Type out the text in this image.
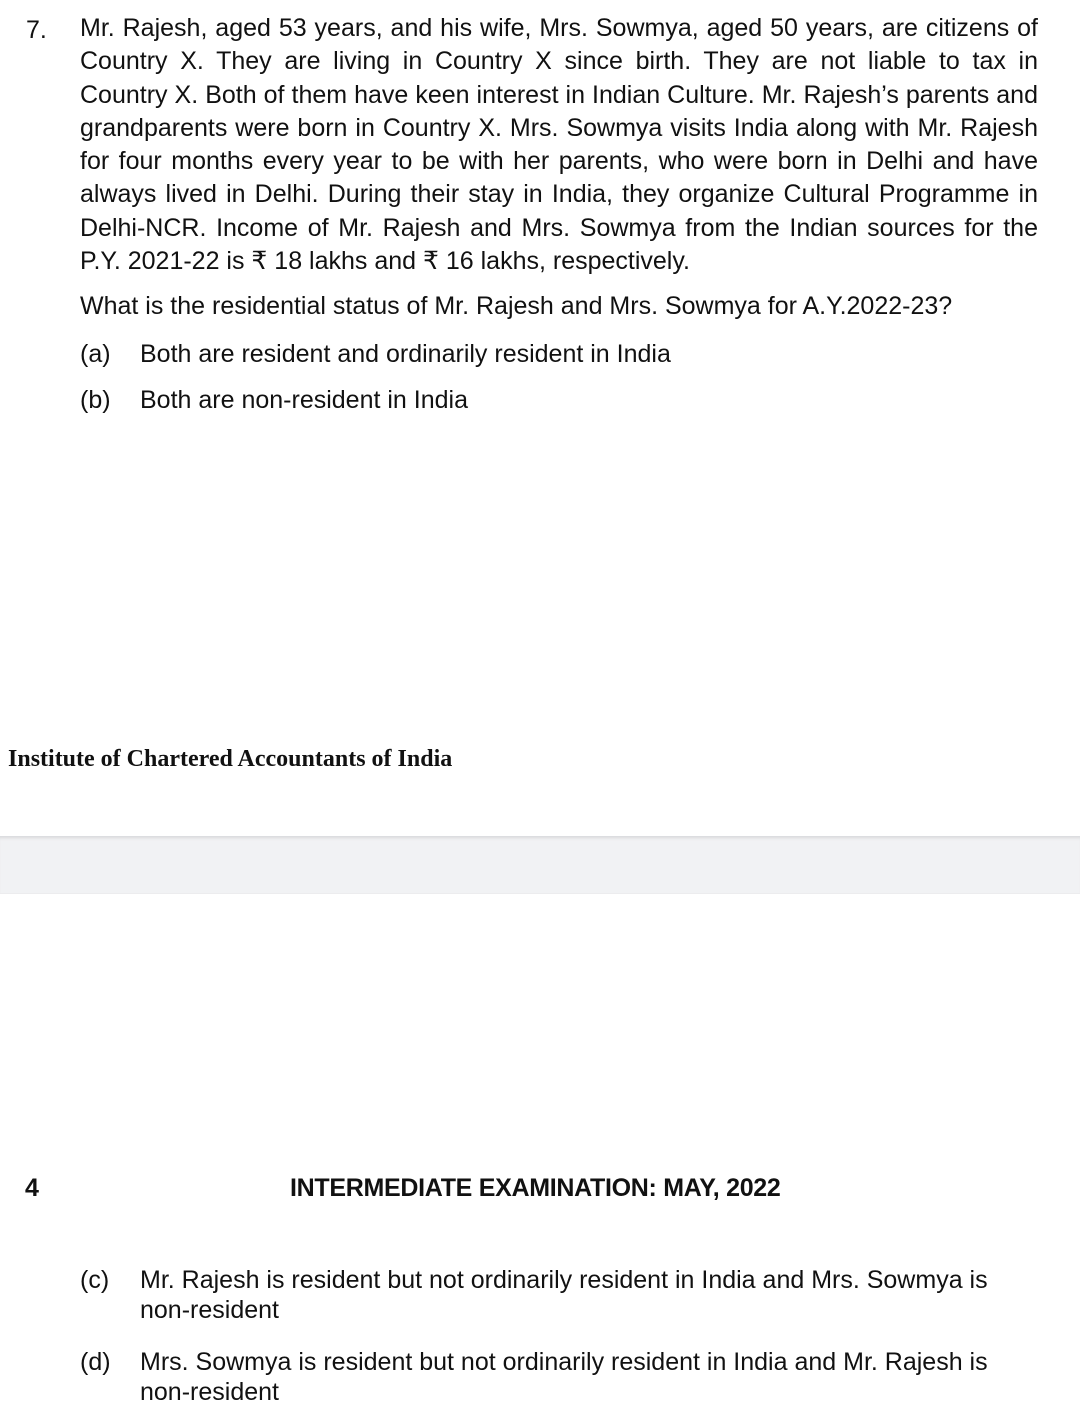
7. Mr. Rajesh, aged 53 years, and his wife, Mrs. Sowmya, aged 50 years, are citizens of Country X. They are living in Country X since birth. They are not liable to tax in Country X. Both of them have keen interest in Indian Culture. Mr. Rajesh’s parents and grandparents were born in Country X. Mrs. Sowmya visits India along with Mr. Rajesh for four months every year to be with her parents, who were born in Delhi and have always lived in Delhi. During their stay in India, they organize Cultural Programme in Delhi-NCR. Income of Mr. Rajesh and Mrs. Sowmya from the Indian sources for the P.Y. 2021-22 is ₹ 18 lakhs and ₹ 16 lakhs, respectively.

What is the residential status of Mr. Rajesh and Mrs. Sowmya for A.Y.2022-23?

(a) Both are resident and ordinarily resident in India
(b) Both are non-resident in India
Institute of Chartered Accountants of India
4	INTERMEDIATE EXAMINATION: MAY, 2022
(c) Mr. Rajesh is resident but not ordinarily resident in India and Mrs. Sowmya is non-resident
(d) Mrs. Sowmya is resident but not ordinarily resident in India and Mr. Rajesh is non-resident
